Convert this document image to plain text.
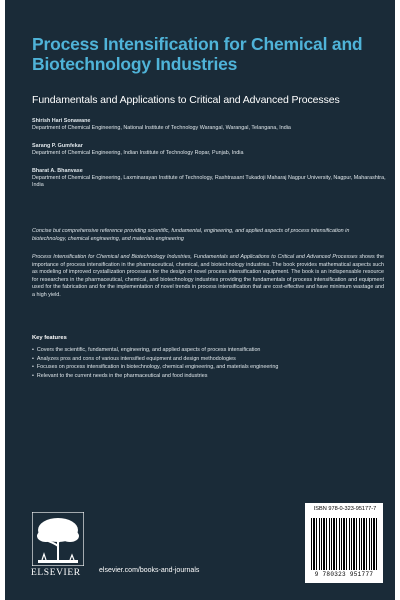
Process Intensification for Chemical and Biotechnology Industries
Fundamentals and Applications to Critical and Advanced Processes
Shirish Hari Sonawane
Department of Chemical Engineering, National Institute of Technology Warangal, Warangal, Telangana, India
Sarang P. Gumfekar
Department of Chemical Engineering, Indian Institute of Technology Ropar, Punjab, India
Bharat A. Bhanvase
Department of Chemical Engineering, Laxminarayan Institute of Technology, Rashtrasant Tukadoji Maharaj Nagpur University, Nagpur, Maharashtra, India
Concise but comprehensive reference providing scientific, fundamental, engineering, and applied aspects of process intensification in biotechnology, chemical engineering, and materials engineering
Process Intensification for Chemical and Biotechnology Industries, Fundamentals and Applications to Critical and Advanced Processes shows the importance of process intensification in the pharmaceutical, chemical, and biotechnology industries. The book provides mathematical aspects such as modeling of improved crystallization processes for the design of novel process intensification equipment. The book is an indispensable resource for researchers in the pharmaceutical, chemical, and biotechnology industries providing the fundamentals of process intensification and equipment used for the fabrication and for the implementation of novel trends in process intensification that are cost-effective and have minimum wastage and a high yield.
Key features
• Covers the scientific, fundamental, engineering, and applied aspects of process intensification
• Analyzes pros and cons of various intensified equipment and design methodologies
• Focuses on process intensification in biotechnology, chemical engineering, and materials engineering
• Relevant to the current needs in the pharmaceutical and food industries
ELSEVIER	elsevier.com/books-and-journals
ISBN 978-0-323-95177-7
9 780323 951777
